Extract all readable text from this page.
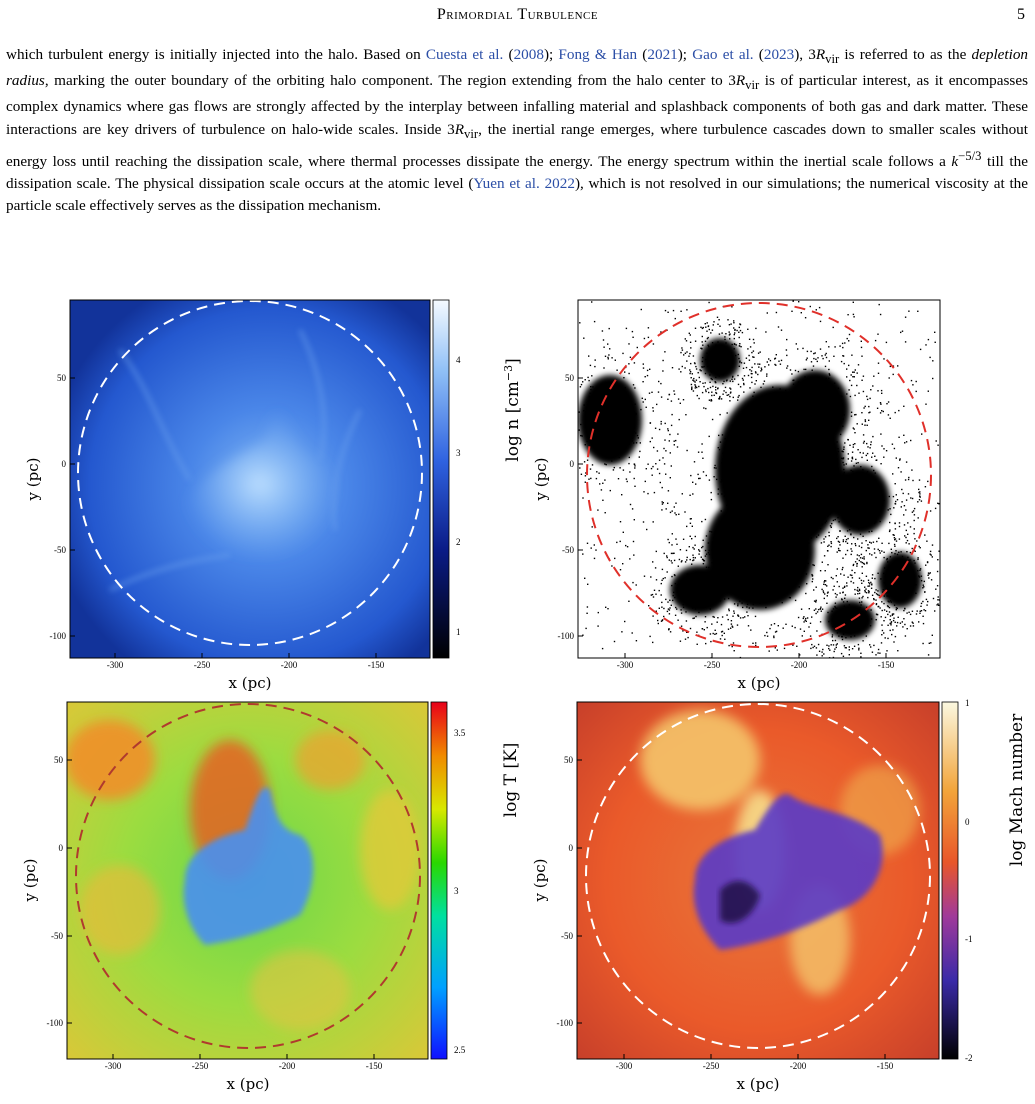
Primordial Turbulence	5
which turbulent energy is initially injected into the halo. Based on Cuesta et al. (2008); Fong & Han (2021); Gao et al. (2023), $3R_{vir}$ is referred to as the depletion radius, marking the outer boundary of the orbiting halo component. The region extending from the halo center to $3R_{vir}$ is of particular interest, as it encompasses complex dynamics where gas flows are strongly affected by the interplay between infalling material and splashback components of both gas and dark matter. These interactions are key drivers of turbulence on halo-wide scales. Inside $3R_{vir}$, the inertial range emerges, where turbulence cascades down to smaller scales without energy loss until reaching the dissipation scale, where thermal processes dissipate the energy. The energy spectrum within the inertial scale follows a $k^{-5/3}$ till the dissipation scale. The physical dissipation scale occurs at the atomic level (Yuen et al. 2022), which is not resolved in our simulations; the numerical viscosity at the particle scale effectively serves as the dissipation mechanism.
-300	-250	-200	-150
50
0
-50
-100
x (pc)
y (pc)
4
3
2
1
log n $[cm^{-3}]$
-300	-250	-200	-150
50
0
-50
-100
x (pc)
y (pc)
-300	-250	-200	-150
50
0
-50
-100
x (pc)
y (pc)
3.5
3
2.5
log T [K]
-300	-250	-200	-150
50
0
-50
-100
x (pc)
y (pc)
1
0
-1
-2
log Mach number
